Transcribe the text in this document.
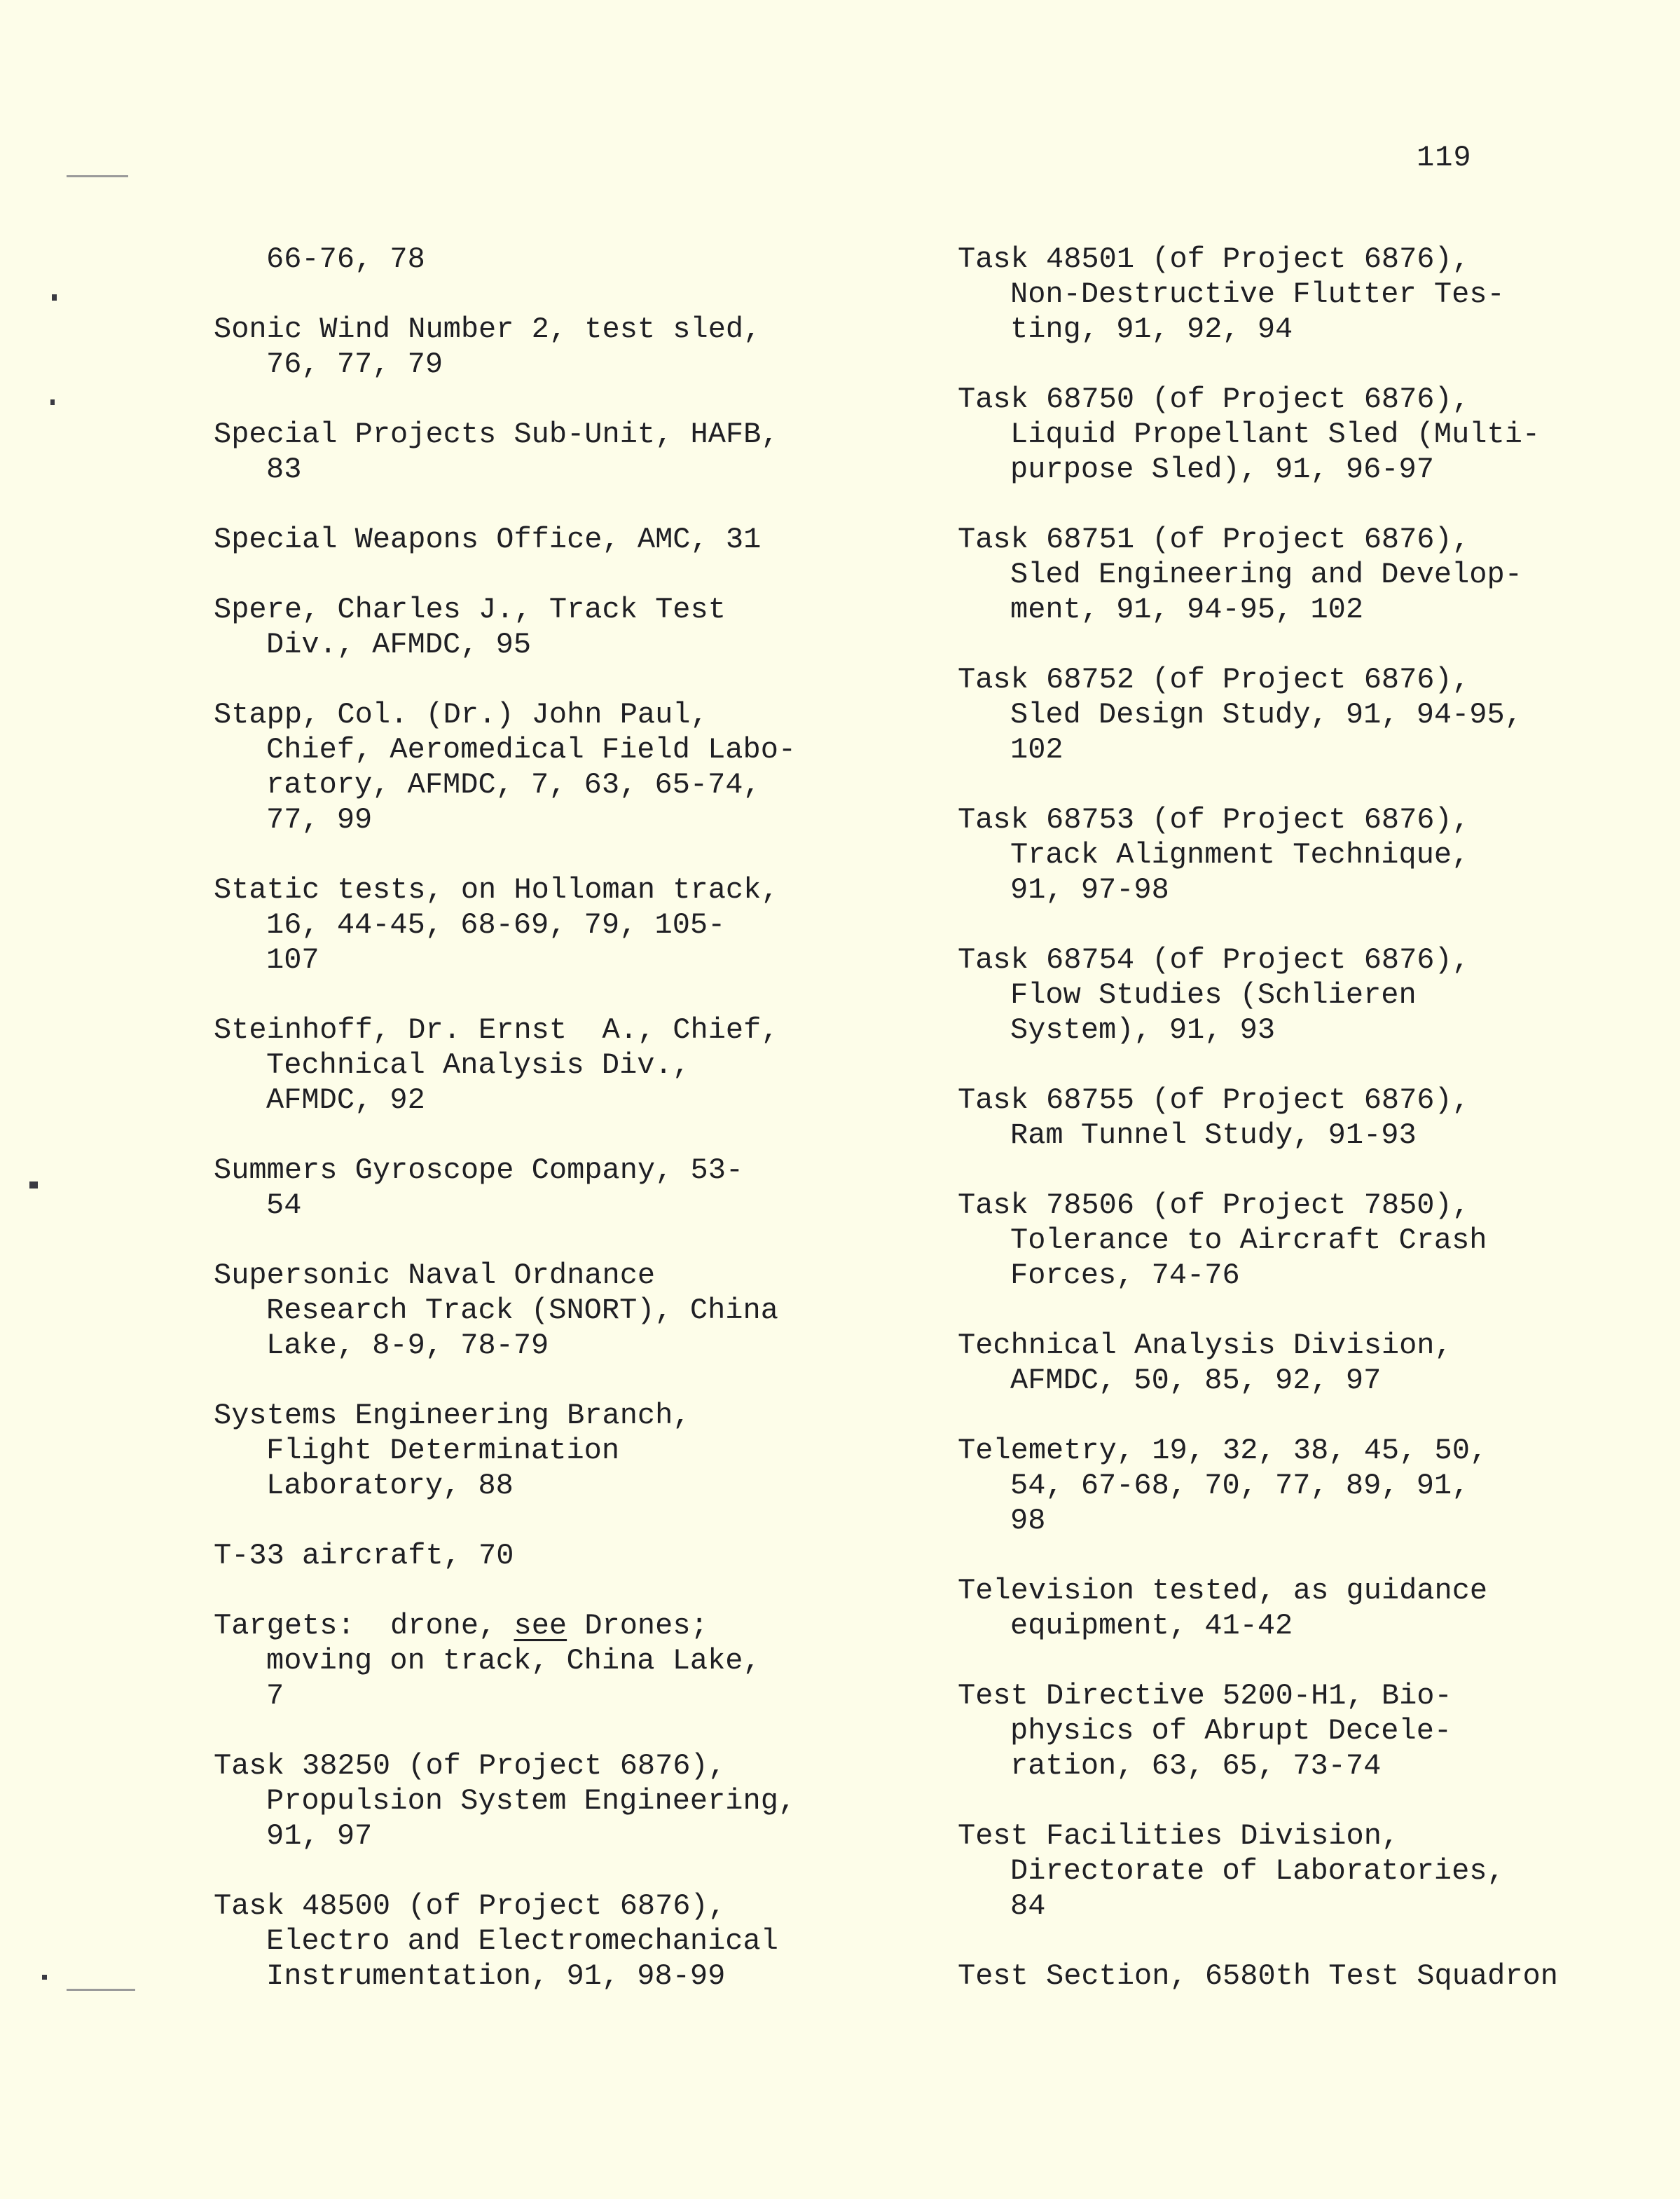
119
66-76, 78
Sonic Wind Number 2, test sled,
76, 77, 79
Special Projects Sub-Unit, HAFB,
83
Special Weapons Office, AMC, 31
Spere, Charles J., Track Test
Div., AFMDC, 95
Stapp, Col. (Dr.) John Paul,
Chief, Aeromedical Field Labo-
ratory, AFMDC, 7, 63, 65-74,
77, 99
Static tests, on Holloman track,
16, 44-45, 68-69, 79, 105-
107
Steinhoff, Dr. Ernst  A., Chief,
Technical Analysis Div.,
AFMDC, 92
Summers Gyroscope Company, 53-
54
Supersonic Naval Ordnance
Research Track (SNORT), China
Lake, 8-9, 78-79
Systems Engineering Branch,
Flight Determination
Laboratory, 88
T-33 aircraft, 70
Targets:  drone, see Drones;
moving on track, China Lake,
7
Task 38250 (of Project 6876),
Propulsion System Engineering,
91, 97
Task 48500 (of Project 6876),
Electro and Electromechanical
Instrumentation, 91, 98-99
Task 48501 (of Project 6876),
Non-Destructive Flutter Tes-
ting, 91, 92, 94
Task 68750 (of Project 6876),
Liquid Propellant Sled (Multi-
purpose Sled), 91, 96-97
Task 68751 (of Project 6876),
Sled Engineering and Develop-
ment, 91, 94-95, 102
Task 68752 (of Project 6876),
Sled Design Study, 91, 94-95,
102
Task 68753 (of Project 6876),
Track Alignment Technique,
91, 97-98
Task 68754 (of Project 6876),
Flow Studies (Schlieren
System), 91, 93
Task 68755 (of Project 6876),
Ram Tunnel Study, 91-93
Task 78506 (of Project 7850),
Tolerance to Aircraft Crash
Forces, 74-76
Technical Analysis Division,
AFMDC, 50, 85, 92, 97
Telemetry, 19, 32, 38, 45, 50,
54, 67-68, 70, 77, 89, 91,
98
Television tested, as guidance
equipment, 41-42
Test Directive 5200-H1, Bio-
physics of Abrupt Decele-
ration, 63, 65, 73-74
Test Facilities Division,
Directorate of Laboratories,
84
Test Section, 6580th Test Squadron
